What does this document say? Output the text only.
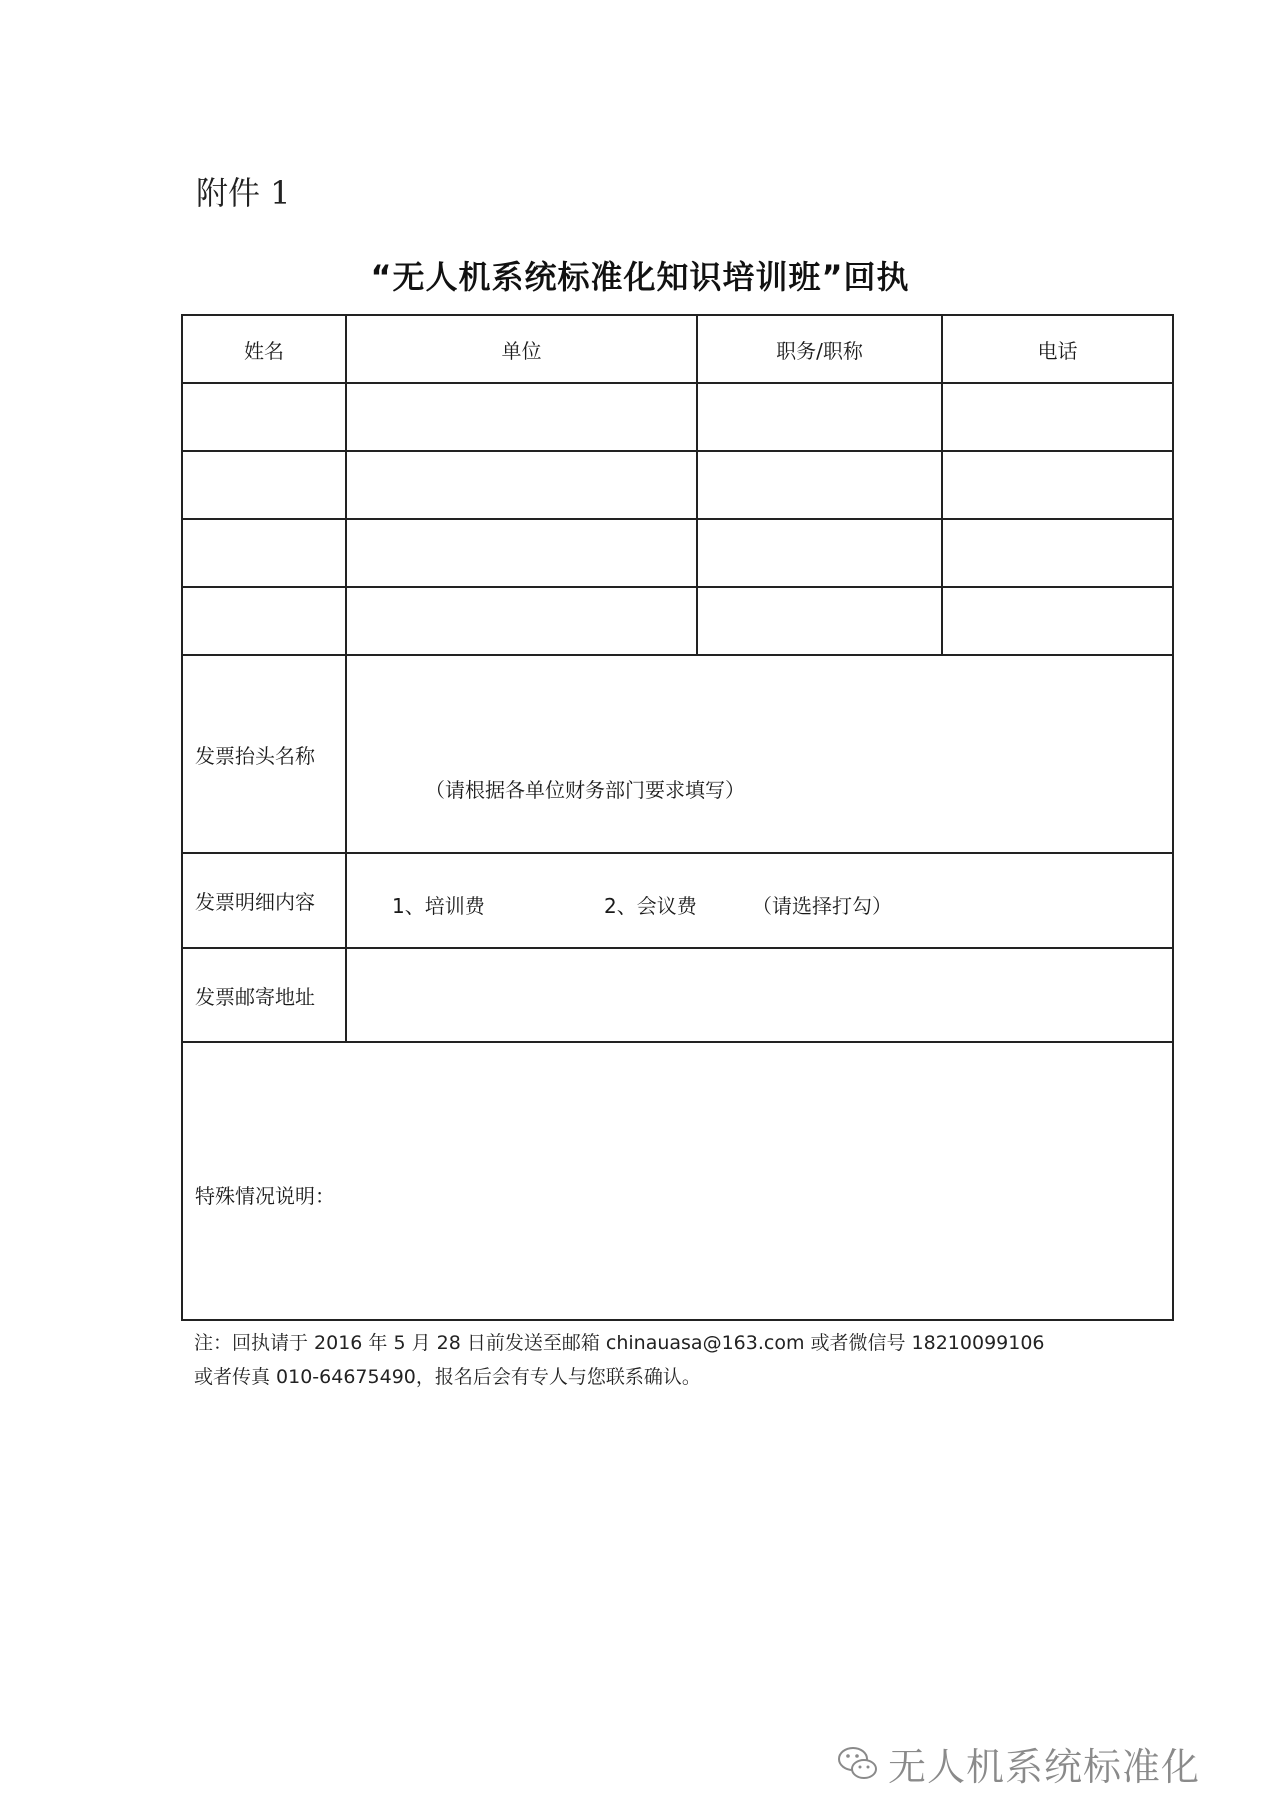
附件 1
“无人机系统标准化知识培训班”回执
姓名	单位	职务/职称	电话

发票抬头名称	（请根据各单位财务部门要求填写）		

发票明细内容	1、培训费 2、会议费 （请选择打勾）		

发票邮寄地址			

特殊情况说明：			
注：回执请于 2016 年 5 月 28 日前发送至邮箱 chinauasa@163.com 或者微信号 18210099106
或者传真 010-64675490，报名后会有专人与您联系确认。
无人机系统标准化
